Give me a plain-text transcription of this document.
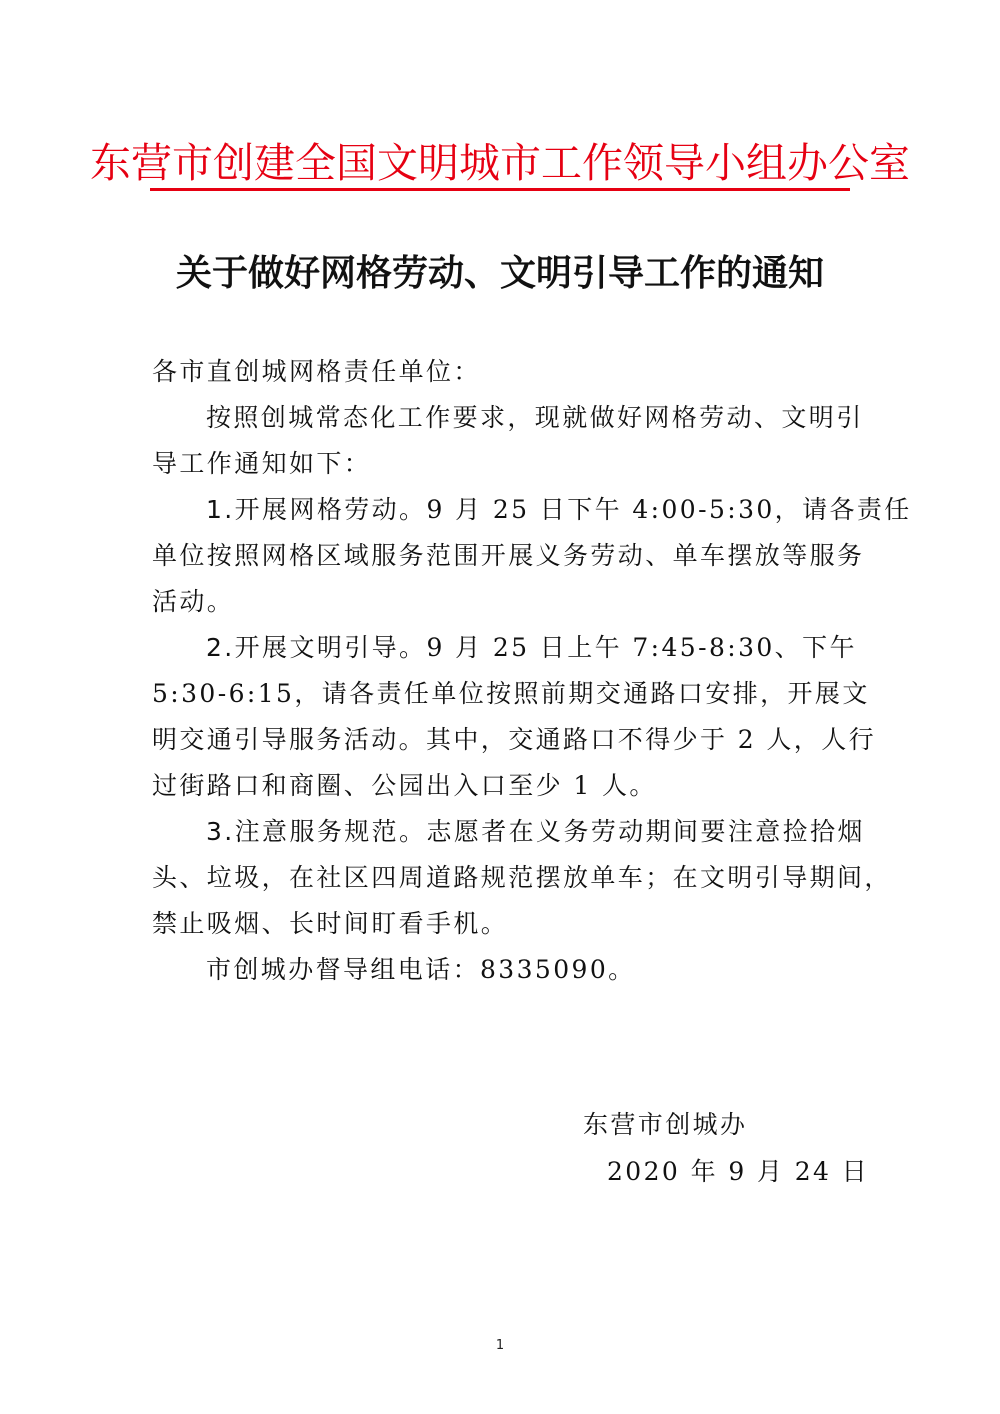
东营市创建全国文明城市工作领导小组办公室
关于做好网格劳动、文明引导工作的通知
各市直创城网格责任单位：
按照创城常态化工作要求，现就做好网格劳动、文明引
导工作通知如下：
1.开展网格劳动。9 月 25 日下午 4:00-5:30，请各责任
单位按照网格区域服务范围开展义务劳动、单车摆放等服务
活动。
2.开展文明引导。9 月 25 日上午 7:45-8:30、下午
5:30-6:15，请各责任单位按照前期交通路口安排，开展文
明交通引导服务活动。其中，交通路口不得少于 2 人，人行
过街路口和商圈、公园出入口至少 1 人。
3.注意服务规范。志愿者在义务劳动期间要注意捡拾烟
头、垃圾，在社区四周道路规范摆放单车；在文明引导期间，
禁止吸烟、长时间盯看手机。
市创城办督导组电话：8335090。
东营市创城办
2020 年 9 月 24 日
1
